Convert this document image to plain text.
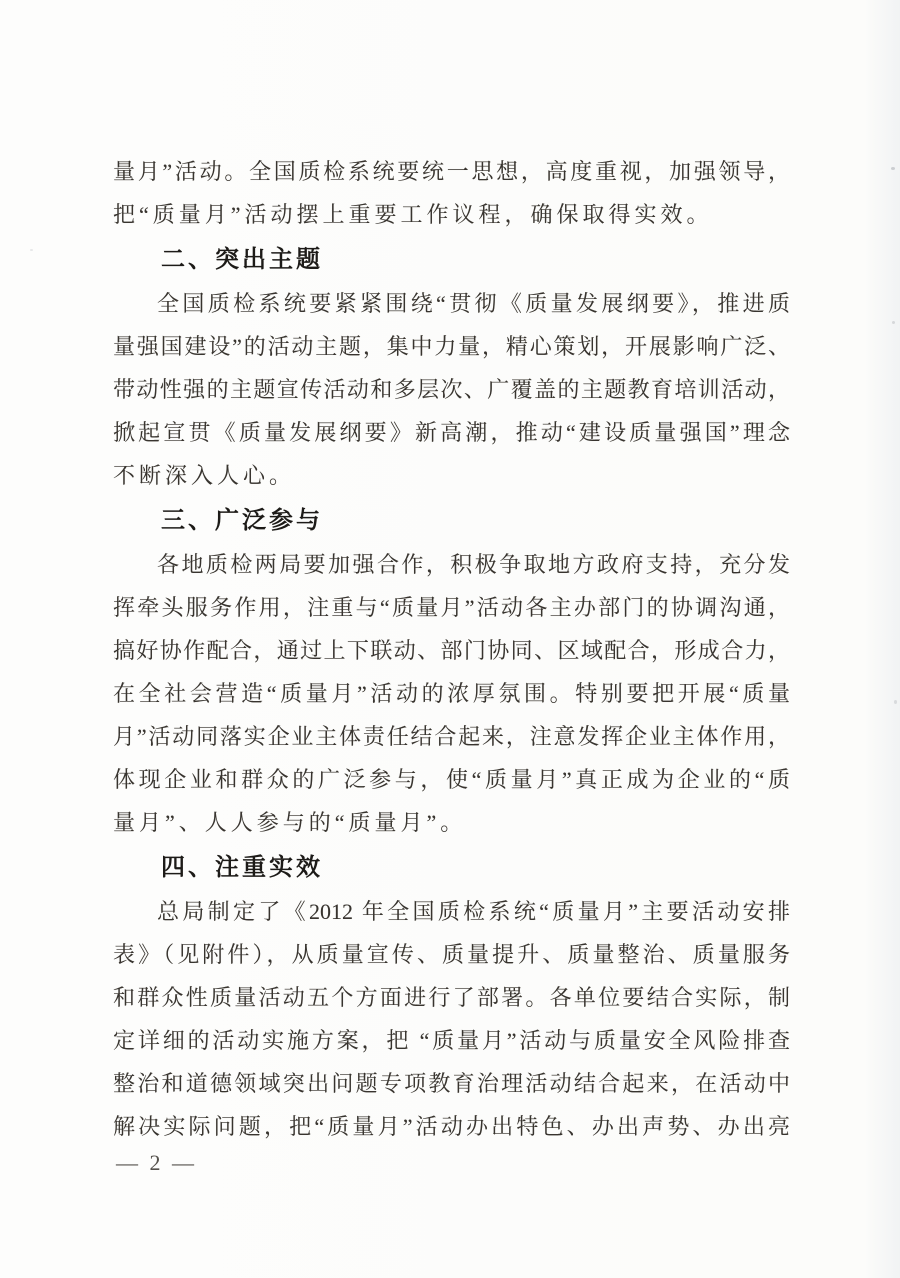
量月”活动。全国质检系统要统一思想，高度重视，加强领导，
把“质量月”活动摆上重要工作议程，确保取得实效。
二、突出主题
全国质检系统要紧紧围绕“贯彻《质量发展纲要》，推进质
量强国建设”的活动主题，集中力量，精心策划，开展影响广泛、
带动性强的主题宣传活动和多层次、广覆盖的主题教育培训活动，
掀起宣贯《质量发展纲要》新高潮，推动“建设质量强国”理念
不断深入人心。
三、广泛参与
各地质检两局要加强合作，积极争取地方政府支持，充分发
挥牵头服务作用，注重与“质量月”活动各主办部门的协调沟通，
搞好协作配合，通过上下联动、部门协同、区域配合，形成合力，
在全社会营造“质量月”活动的浓厚氛围。特别要把开展“质量
月”活动同落实企业主体责任结合起来，注意发挥企业主体作用，
体现企业和群众的广泛参与，使“质量月”真正成为企业的“质
量月”、人人参与的“质量月”。
四、注重实效
总局制定了《2012 年全国质检系统“质量月”主要活动安排
表》（见附件），从质量宣传、质量提升、质量整治、质量服务
和群众性质量活动五个方面进行了部署。各单位要结合实际，制
定详细的活动实施方案，把 “质量月”活动与质量安全风险排查
整治和道德领域突出问题专项教育治理活动结合起来，在活动中
解决实际问题，把“质量月”活动办出特色、办出声势、办出亮
— 2 —
